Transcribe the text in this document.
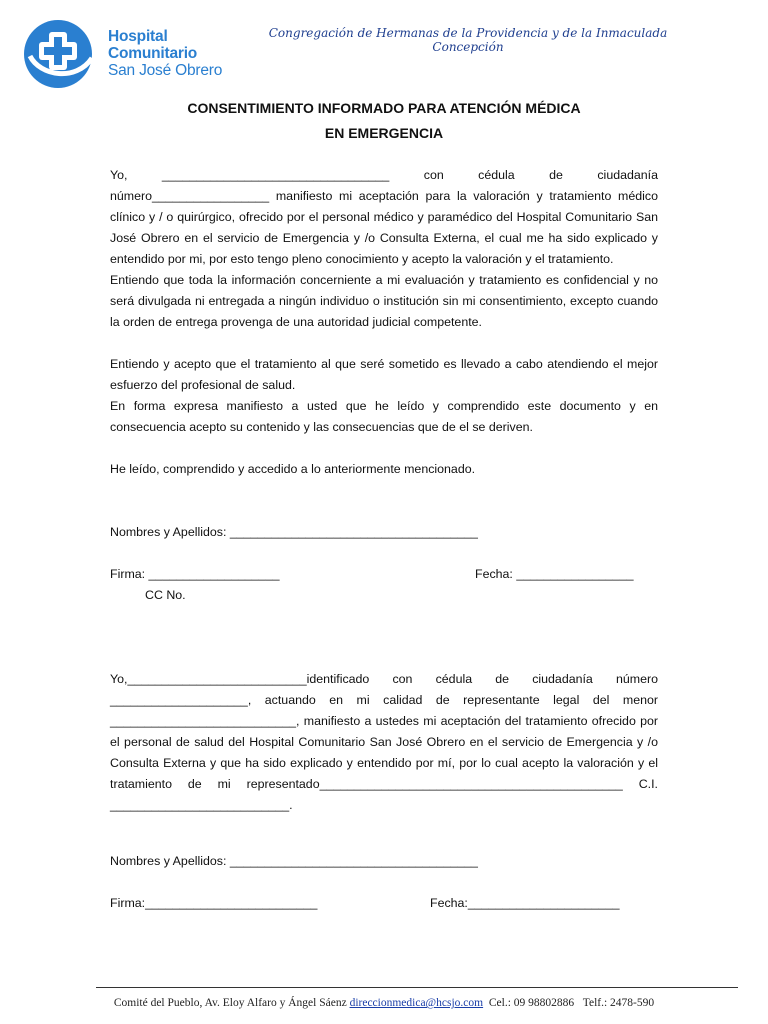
Hospital
Comunitario
San José Obrero
Congregación de Hermanas de la Providencia y de la Inmaculada
Concepción
CONSENTIMIENTO INFORMADO PARA ATENCIÓN MÉDICA
EN EMERGENCIA

Yo, _________________________________ con cédula de ciudadanía número_________________ manifiesto mi aceptación para la valoración y tratamiento médico clínico y / o quirúrgico, ofrecido por el personal médico y paramédico del Hospital Comunitario San José Obrero en el servicio de Emergencia y /o Consulta Externa, el cual me ha sido explicado y entendido por mi, por esto tengo pleno conocimiento y acepto la valoración y el tratamiento.

Entiendo que toda la información concerniente a mi evaluación y tratamiento es confidencial y no será divulgada ni entregada a ningún individuo o institución sin mi consentimiento, excepto cuando la orden de entrega provenga de una autoridad judicial competente.

Entiendo y acepto que el tratamiento al que seré sometido es llevado a cabo atendiendo el mejor esfuerzo del profesional de salud.

En forma expresa manifiesto a usted que he leído y comprendido este documento y en consecuencia acepto su contenido y las consecuencias que de el se deriven.

He leído, comprendido y accedido a lo anteriormente mencionado.

Nombres y Apellidos: ____________________________________
Firma: ___________________	Fecha: _________________
CC No.

Yo,__________________________identificado con cédula de ciudadanía número ____________________, actuando en mi calidad de representante legal del menor ___________________________, manifiesto a ustedes mi aceptación del tratamiento ofrecido por el personal de salud del Hospital Comunitario San José Obrero en el servicio de Emergencia y /o Consulta Externa y que ha sido explicado y entendido por mí, por lo cual acepto la valoración y el tratamiento de mi representado____________________________________________ C.I. __________________________.

Nombres y Apellidos: ____________________________________
Firma:_________________________	Fecha:______________________
Comité del Pueblo, Av. Eloy Alfaro y Ángel Sáenz direccionmedica@hcsjo.com Cel.: 09 98802886 Telf.: 2478-590
